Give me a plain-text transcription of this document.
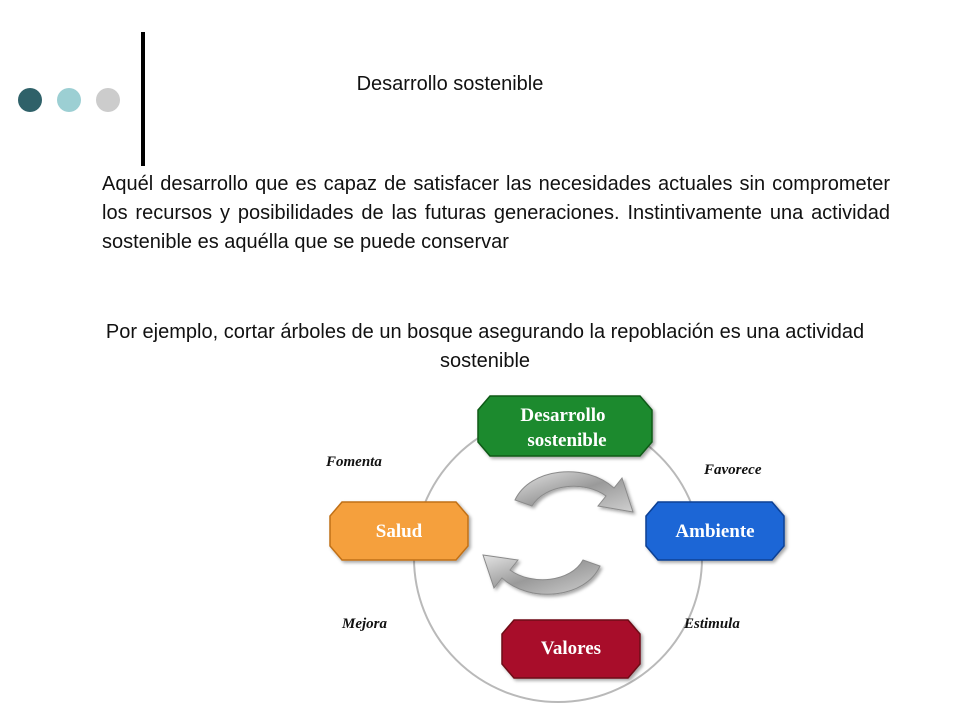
Desarrollo sostenible
Aquél desarrollo que es capaz de satisfacer las necesidades actuales sin comprometer los recursos y posibilidades de las futuras generaciones. Instintivamente una actividad sostenible es aquélla que se puede conservar
Por ejemplo, cortar árboles de un bosque asegurando la repoblación es una actividad sostenible
Desarrollo
sostenible
Salud	Ambiente
Valores
Fomenta	Favorece
Mejora	Estimula
